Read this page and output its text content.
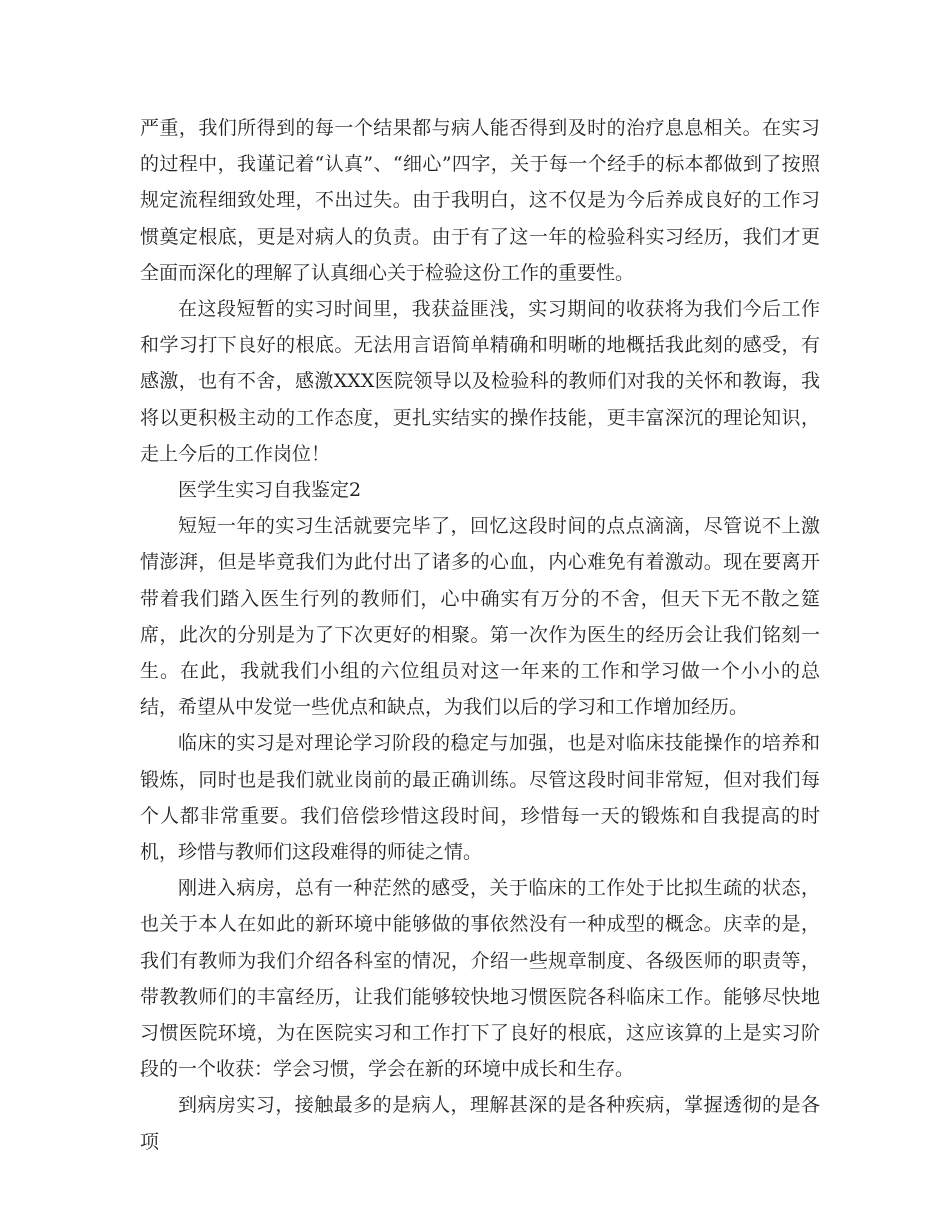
严重，我们所得到的每一个结果都与病人能否得到及时的治疗息息相关。在实习的过程中，我谨记着“认真”、“细心”四字，关于每一个经手的标本都做到了按照规定流程细致处理，不出过失。由于我明白，这不仅是为今后养成良好的工作习惯奠定根底，更是对病人的负责。由于有了这一年的检验科实习经历，我们才更全面而深化的理解了认真细心关于检验这份工作的重要性。

在这段短暂的实习时间里，我获益匪浅，实习期间的收获将为我们今后工作和学习打下良好的根底。无法用言语简单精确和明晰的地概括我此刻的感受，有感激，也有不舍，感激XXX医院领导以及检验科的教师们对我的关怀和教诲，我将以更积极主动的工作态度，更扎实结实的操作技能，更丰富深沉的理论知识，走上今后的工作岗位！

医学生实习自我鉴定2

短短一年的实习生活就要完毕了，回忆这段时间的点点滴滴，尽管说不上激情澎湃，但是毕竟我们为此付出了诸多的心血，内心难免有着激动。现在要离开带着我们踏入医生行列的教师们，心中确实有万分的不舍，但天下无不散之筵席，此次的分别是为了下次更好的相聚。第一次作为医生的经历会让我们铭刻一生。在此，我就我们小组的六位组员对这一年来的工作和学习做一个小小的总结，希望从中发觉一些优点和缺点，为我们以后的学习和工作增加经历。

临床的实习是对理论学习阶段的稳定与加强，也是对临床技能操作的培养和锻炼，同时也是我们就业岗前的最正确训练。尽管这段时间非常短，但对我们每个人都非常重要。我们倍偿珍惜这段时间，珍惜每一天的锻炼和自我提高的时机，珍惜与教师们这段难得的师徒之情。

刚进入病房，总有一种茫然的感受，关于临床的工作处于比拟生疏的状态，也关于本人在如此的新环境中能够做的事依然没有一种成型的概念。庆幸的是，我们有教师为我们介绍各科室的情况，介绍一些规章制度、各级医师的职责等，带教教师们的丰富经历，让我们能够较快地习惯医院各科临床工作。能够尽快地习惯医院环境，为在医院实习和工作打下了良好的根底，这应该算的上是实习阶段的一个收获：学会习惯，学会在新的环境中成长和生存。

到病房实习，接触最多的是病人，理解甚深的是各种疾病，掌握透彻的是各项
